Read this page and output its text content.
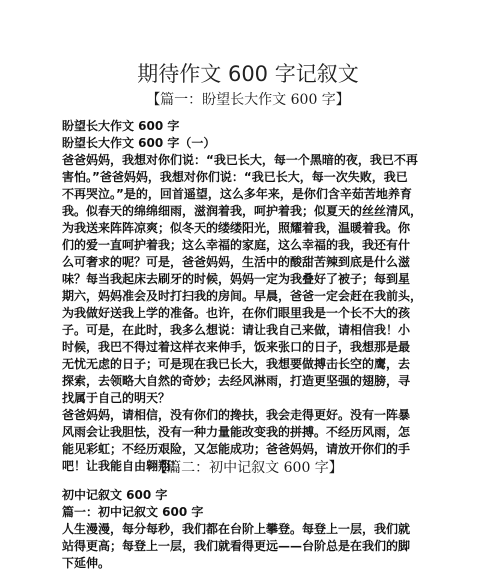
期待作文 600 字记叙文
【篇一：盼望长大作文 600 字】
盼望长大作文 600 字
盼望长大作文 600 字（一）
爸爸妈妈，我想对你们说：“我已长大，每一个黑暗的夜，我已不再
害怕。”爸爸妈妈，我想对你们说：“我已长大，每一次失败，我已
不再哭泣。”是的，回首遥望，这么多年来，是你们含辛茹苦地养育
我。似春天的绵绵细雨，滋润着我，呵护着我；似夏天的丝丝清风，
为我送来阵阵凉爽；似冬天的缕缕阳光，照耀着我，温暖着我。你
们的爱一直呵护着我；这么幸福的家庭，这么幸福的我，我还有什
么可奢求的呢？可是，爸爸妈妈，生活中的酸甜苦辣到底是什么滋
味？每当我起床去刷牙的时候，妈妈一定为我叠好了被子；每到星
期六，妈妈准会及时打扫我的房间。早晨，爸爸一定会赶在我前头，
为我做好送我上学的准备。也许，在你们眼里我是一个长不大的孩
子。可是，在此时，我多么想说：请让我自己来做，请相信我！小
时候，我巴不得过着这样衣来伸手，饭来张口的日子，我想那是最
无忧无虑的日子；可是现在我已长大，我想要做搏击长空的鹰，去
探索，去领略大自然的奇妙；去经风淋雨，打造更坚强的翅膀，寻
找属于自己的明天？
爸爸妈妈，请相信，没有你们的搀扶，我会走得更好。没有一阵暴
风雨会让我胆怯，没有一种力量能改变我的拼搏。不经历风雨，怎
能见彩虹；不经历艰险，又怎能成功；爸爸妈妈，请放开你们的手
吧！让我能自由翱翔！
【篇二：初中记叙文 600 字】
初中记叙文 600 字
篇一：初中记叙文 600 字
人生漫漫，每分每秒，我们都在台阶上攀登。每登上一层，我们就
站得更高；每登上一层，我们就看得更远——台阶总是在我们的脚
下延伸。
